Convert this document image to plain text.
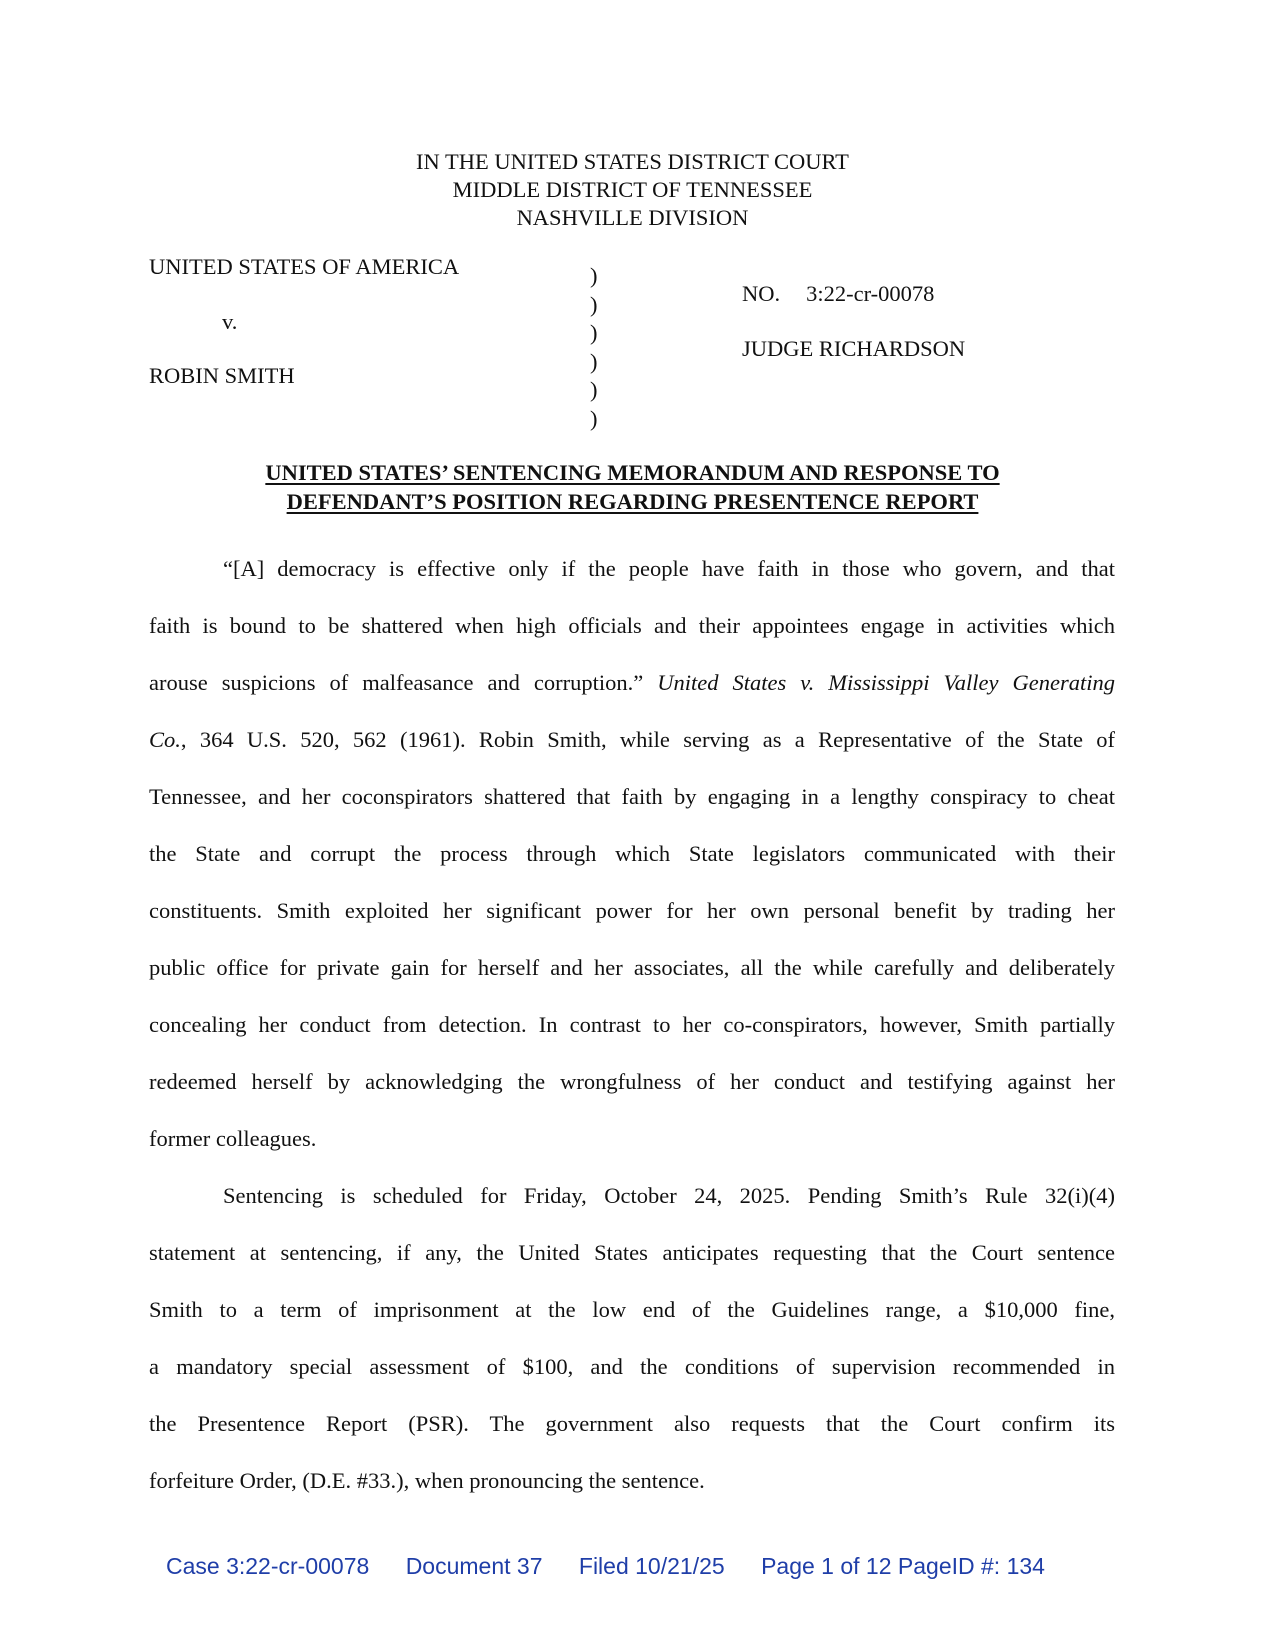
IN THE UNITED STATES DISTRICT COURT
MIDDLE DISTRICT OF TENNESSEE
NASHVILLE DIVISION
UNITED STATES OF AMERICA
v.
ROBIN SMITH
)
)
)
)
)
)
NO. 3:22-cr-00078
JUDGE RICHARDSON
UNITED STATES’ SENTENCING MEMORANDUM AND RESPONSE TO
DEFENDANT’S POSITION REGARDING PRESENTENCE REPORT
“[A] democracy is effective only if the people have faith in those who govern, and that
faith is bound to be shattered when high officials and their appointees engage in activities which
arouse suspicions of malfeasance and corruption.” United States v. Mississippi Valley Generating
Co., 364 U.S. 520, 562 (1961). Robin Smith, while serving as a Representative of the State of
Tennessee, and her coconspirators shattered that faith by engaging in a lengthy conspiracy to cheat
the State and corrupt the process through which State legislators communicated with their
constituents. Smith exploited her significant power for her own personal benefit by trading her
public office for private gain for herself and her associates, all the while carefully and deliberately
concealing her conduct from detection. In contrast to her co-conspirators, however, Smith partially
redeemed herself by acknowledging the wrongfulness of her conduct and testifying against her
former colleagues.
Sentencing is scheduled for Friday, October 24, 2025. Pending Smith’s Rule 32(i)(4)
statement at sentencing, if any, the United States anticipates requesting that the Court sentence
Smith to a term of imprisonment at the low end of the Guidelines range, a $10,000 fine,
a mandatory special assessment of $100, and the conditions of supervision recommended in
the Presentence Report (PSR). The government also requests that the Court confirm its
forfeiture Order, (D.E. #33.), when pronouncing the sentence.
Case 3:22-cr-00078 Document 37 Filed 10/21/25 Page 1 of 12 PageID #: 134
